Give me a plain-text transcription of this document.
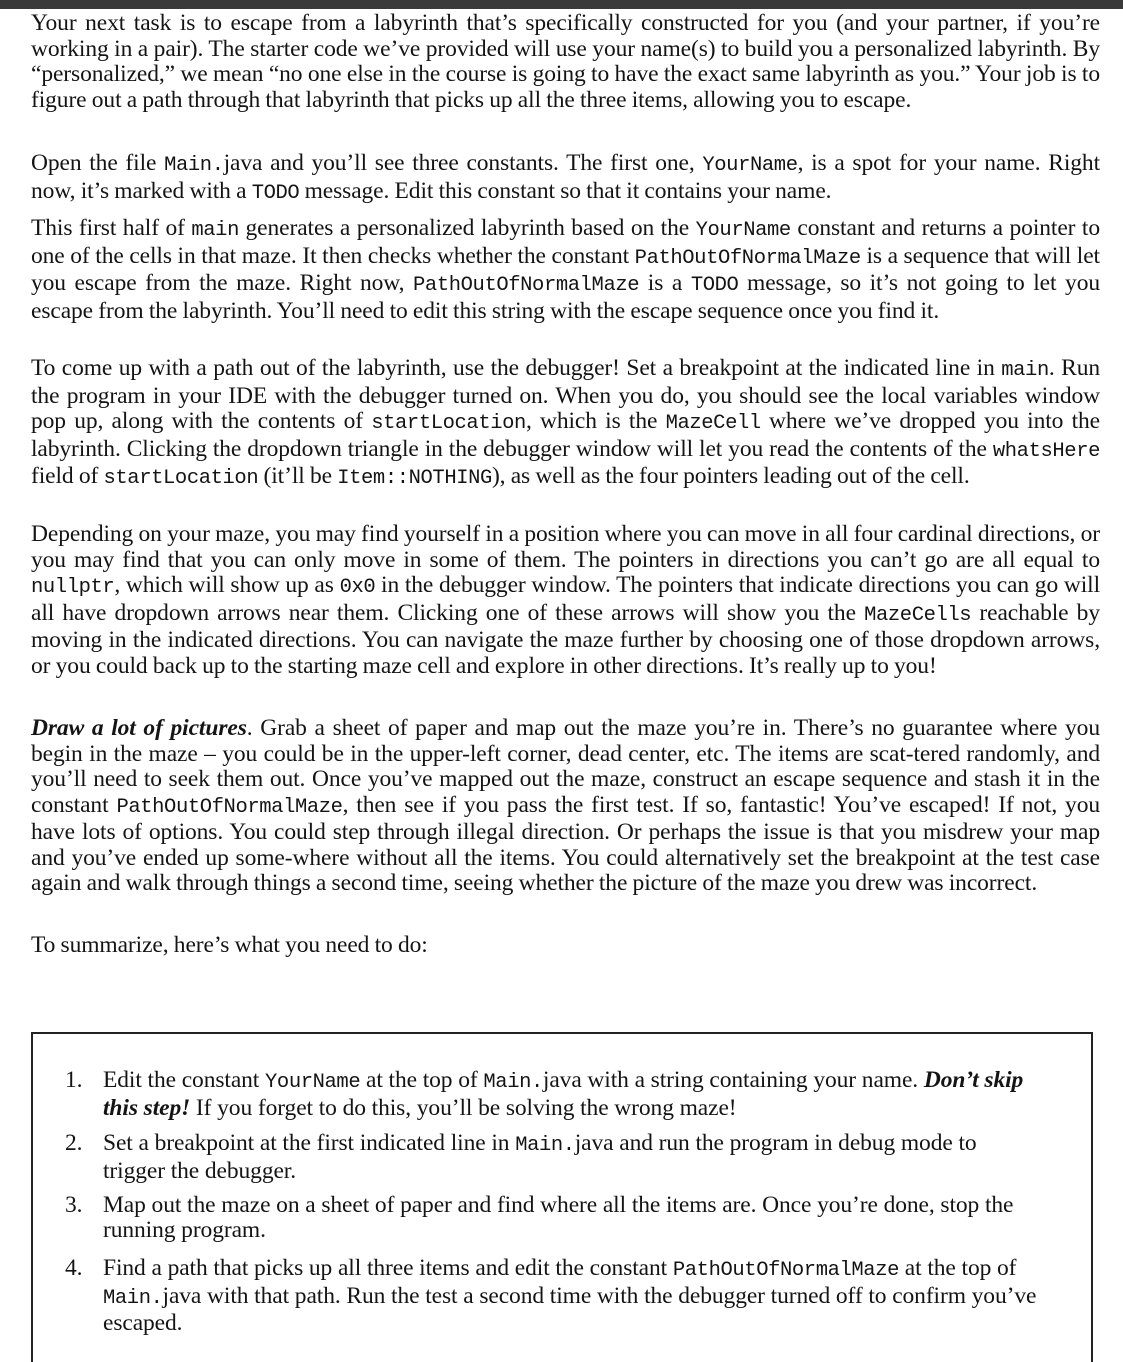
Your next task is to escape from a labyrinth that’s specifically constructed for you (and your partner, if you’re working in a pair). The starter code we’ve provided will use your name(s) to build you a personalized labyrinth. By “personalized,” we mean “no one else in the course is going to have the exact same labyrinth as you.” Your job is to figure out a path through that labyrinth that picks up all the three items, allowing you to escape.

Open the file Main.java and you’ll see three constants. The first one, YourName, is a spot for your name. Right now, it’s marked with a TODO message. Edit this constant so that it contains your name.

This first half of main generates a personalized labyrinth based on the YourName constant and returns a pointer to one of the cells in that maze. It then checks whether the constant PathOutOfNormalMaze is a sequence that will let you escape from the maze. Right now, PathOutOfNormalMaze is a TODO message, so it’s not going to let you escape from the labyrinth. You’ll need to edit this string with the escape sequence once you find it.

To come up with a path out of the labyrinth, use the debugger! Set a breakpoint at the indicated line in main. Run the program in your IDE with the debugger turned on. When you do, you should see the local variables window pop up, along with the contents of startLocation, which is the MazeCell where we’ve dropped you into the labyrinth. Clicking the dropdown triangle in the debugger window will let you read the contents of the whatsHere field of startLocation (it’ll be Item::NOTHING), as well as the four pointers leading out of the cell.

Depending on your maze, you may find yourself in a position where you can move in all four cardinal directions, or you may find that you can only move in some of them. The pointers in directions you can’t go are all equal to nullptr, which will show up as 0x0 in the debugger window. The pointers that indicate directions you can go will all have dropdown arrows near them. Clicking one of these arrows will show you the MazeCells reachable by moving in the indicated directions. You can navigate the maze further by choosing one of those dropdown arrows, or you could back up to the starting maze cell and explore in other directions. It’s really up to you!

Draw a lot of pictures. Grab a sheet of paper and map out the maze you’re in. There’s no guarantee where you begin in the maze – you could be in the upper-left corner, dead center, etc. The items are scat-tered randomly, and you’ll need to seek them out. Once you’ve mapped out the maze, construct an escape sequence and stash it in the constant PathOutOfNormalMaze, then see if you pass the first test. If so, fantastic! You’ve escaped! If not, you have lots of options. You could step through illegal direction. Or perhaps the issue is that you misdrew your map and you’ve ended up some-where without all the items. You could alternatively set the breakpoint at the test case again and walk through things a second time, seeing whether the picture of the maze you drew was incorrect.

To summarize, here’s what you need to do:

1. Edit the constant YourName at the top of Main.java with a string containing your name. Don’t skip this step! If you forget to do this, you’ll be solving the wrong maze!
2. Set a breakpoint at the first indicated line in Main.java and run the program in debug mode to trigger the debugger.
3. Map out the maze on a sheet of paper and find where all the items are. Once you’re done, stop the running program.
4. Find a path that picks up all three items and edit the constant PathOutOfNormalMaze at the top of Main.java with that path. Run the test a second time with the debugger turned off to confirm you’ve escaped.
